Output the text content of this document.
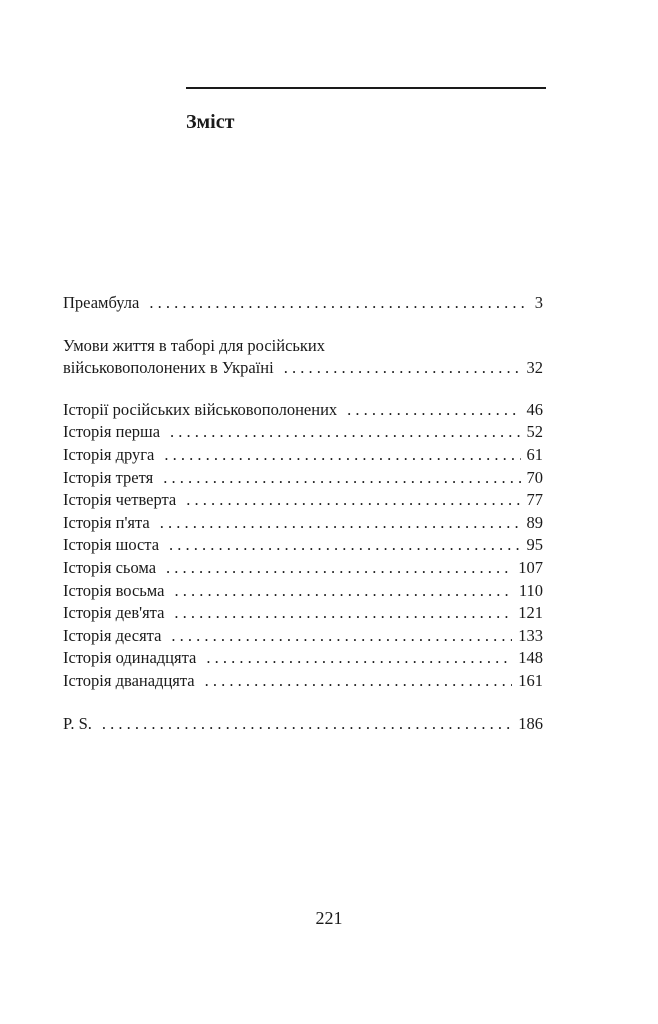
Зміст
Преамбула . . .	3
Умови життя в таборі для російських
військовополонених в Україні . . .	32
Історії російських військовополонених . . .	46
Історія перша . . .	52
Історія друга . . .	61
Історія третя . . .	70
Історія четверта . . .	77
Історія п'ята . . .	89
Історія шоста . . .	95
Історія сьома . . .	107
Історія восьма . . .	110
Історія дев'ята . . .	121
Історія десята . . .	133
Історія одинадцята . . .	148
Історія дванадцята . . .	161
P. S. . . .	186
221
